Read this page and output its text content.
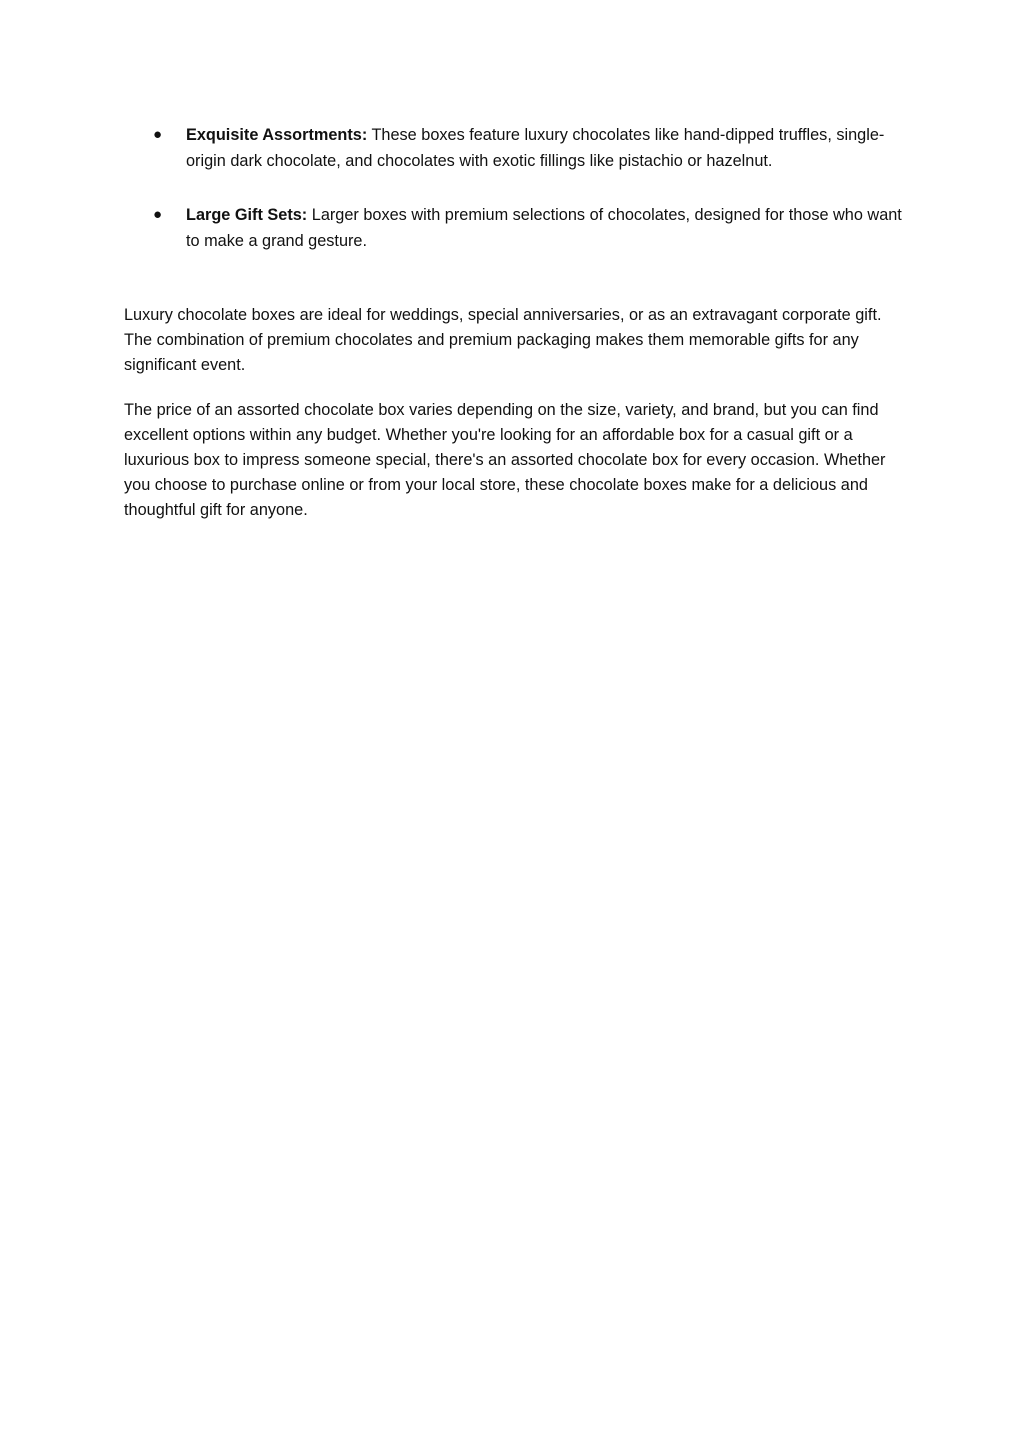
● Exquisite Assortments: These boxes feature luxury chocolates like hand-dipped truffles, single-origin dark chocolate, and chocolates with exotic fillings like pistachio or hazelnut.
● Large Gift Sets: Larger boxes with premium selections of chocolates, designed for those who want to make a grand gesture.

Luxury chocolate boxes are ideal for weddings, special anniversaries, or as an extravagant corporate gift. The combination of premium chocolates and premium packaging makes them memorable gifts for any significant event.

The price of an assorted chocolate box varies depending on the size, variety, and brand, but you can find excellent options within any budget. Whether you're looking for an affordable box for a casual gift or a luxurious box to impress someone special, there's an assorted chocolate box for every occasion. Whether you choose to purchase online or from your local store, these chocolate boxes make for a delicious and thoughtful gift for anyone.
